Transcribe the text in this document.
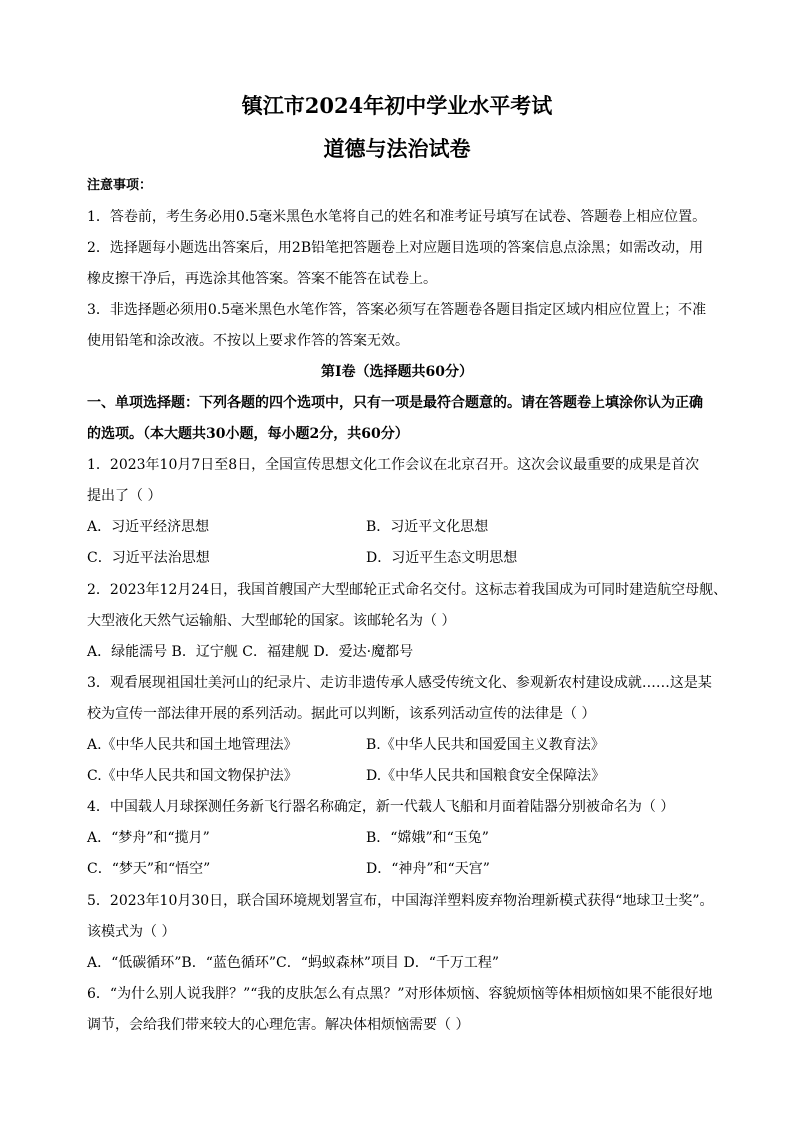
镇江市2024年初中学业水平考试
道德与法治试卷
注意事项：
1．答卷前，考生务必用0.5毫米黑色水笔将自己的姓名和准考证号填写在试卷、答题卷上相应位置。
2．选择题每小题选出答案后，用2B铅笔把答题卷上对应题目选项的答案信息点涂黑；如需改动，用
橡皮擦干净后，再选涂其他答案。答案不能答在试卷上。
3．非选择题必须用0.5毫米黑色水笔作答，答案必须写在答题卷各题目指定区域内相应位置上；不准
使用铅笔和涂改液。不按以上要求作答的答案无效。
第Ⅰ卷（选择题共60分）
一、单项选择题：下列各题的四个选项中，只有一项是最符合题意的。请在答题卷上填涂你认为正确
的选项。（本大题共30小题，每小题2分，共60分）
1．2023年10月7日至8日，全国宣传思想文化工作会议在北京召开。这次会议最重要的成果是首次
提出了（ ）
A．习近平经济思想	B．习近平文化思想
C．习近平法治思想	D．习近平生态文明思想
2．2023年12月24日，我国首艘国产大型邮轮正式命名交付。这标志着我国成为可同时建造航空母舰、
大型液化天然气运输船、大型邮轮的国家。该邮轮名为（ ）
A．绿能濡号 B．辽宁舰 C．福建舰 D．爱达·魔都号
3．观看展现祖国壮美河山的纪录片、走访非遗传承人感受传统文化、参观新农村建设成就……这是某
校为宣传一部法律开展的系列活动。据此可以判断，该系列活动宣传的法律是（ ）
A.《中华人民共和国土地管理法》	B.《中华人民共和国爱国主义教育法》
C.《中华人民共和国文物保护法》	D.《中华人民共和国粮食安全保障法》
4．中国载人月球探测任务新飞行器名称确定，新一代载人飞船和月面着陆器分别被命名为（ ）
A．“梦舟”和“揽月”	B．“嫦娥”和“玉兔”
C．“梦天”和“悟空”	D．“神舟”和“天宫”
5．2023年10月30日，联合国环境规划署宣布，中国海洋塑料废弃物治理新模式获得“地球卫士奖”。
该模式为（ ）
A．“低碳循环”B．“蓝色循环”C．“蚂蚁森林”项目 D．“千万工程”
6．“为什么别人说我胖？”“我的皮肤怎么有点黑？”对形体烦恼、容貌烦恼等体相烦恼如果不能很好地
调节，会给我们带来较大的心理危害。解决体相烦恼需要（ ）
